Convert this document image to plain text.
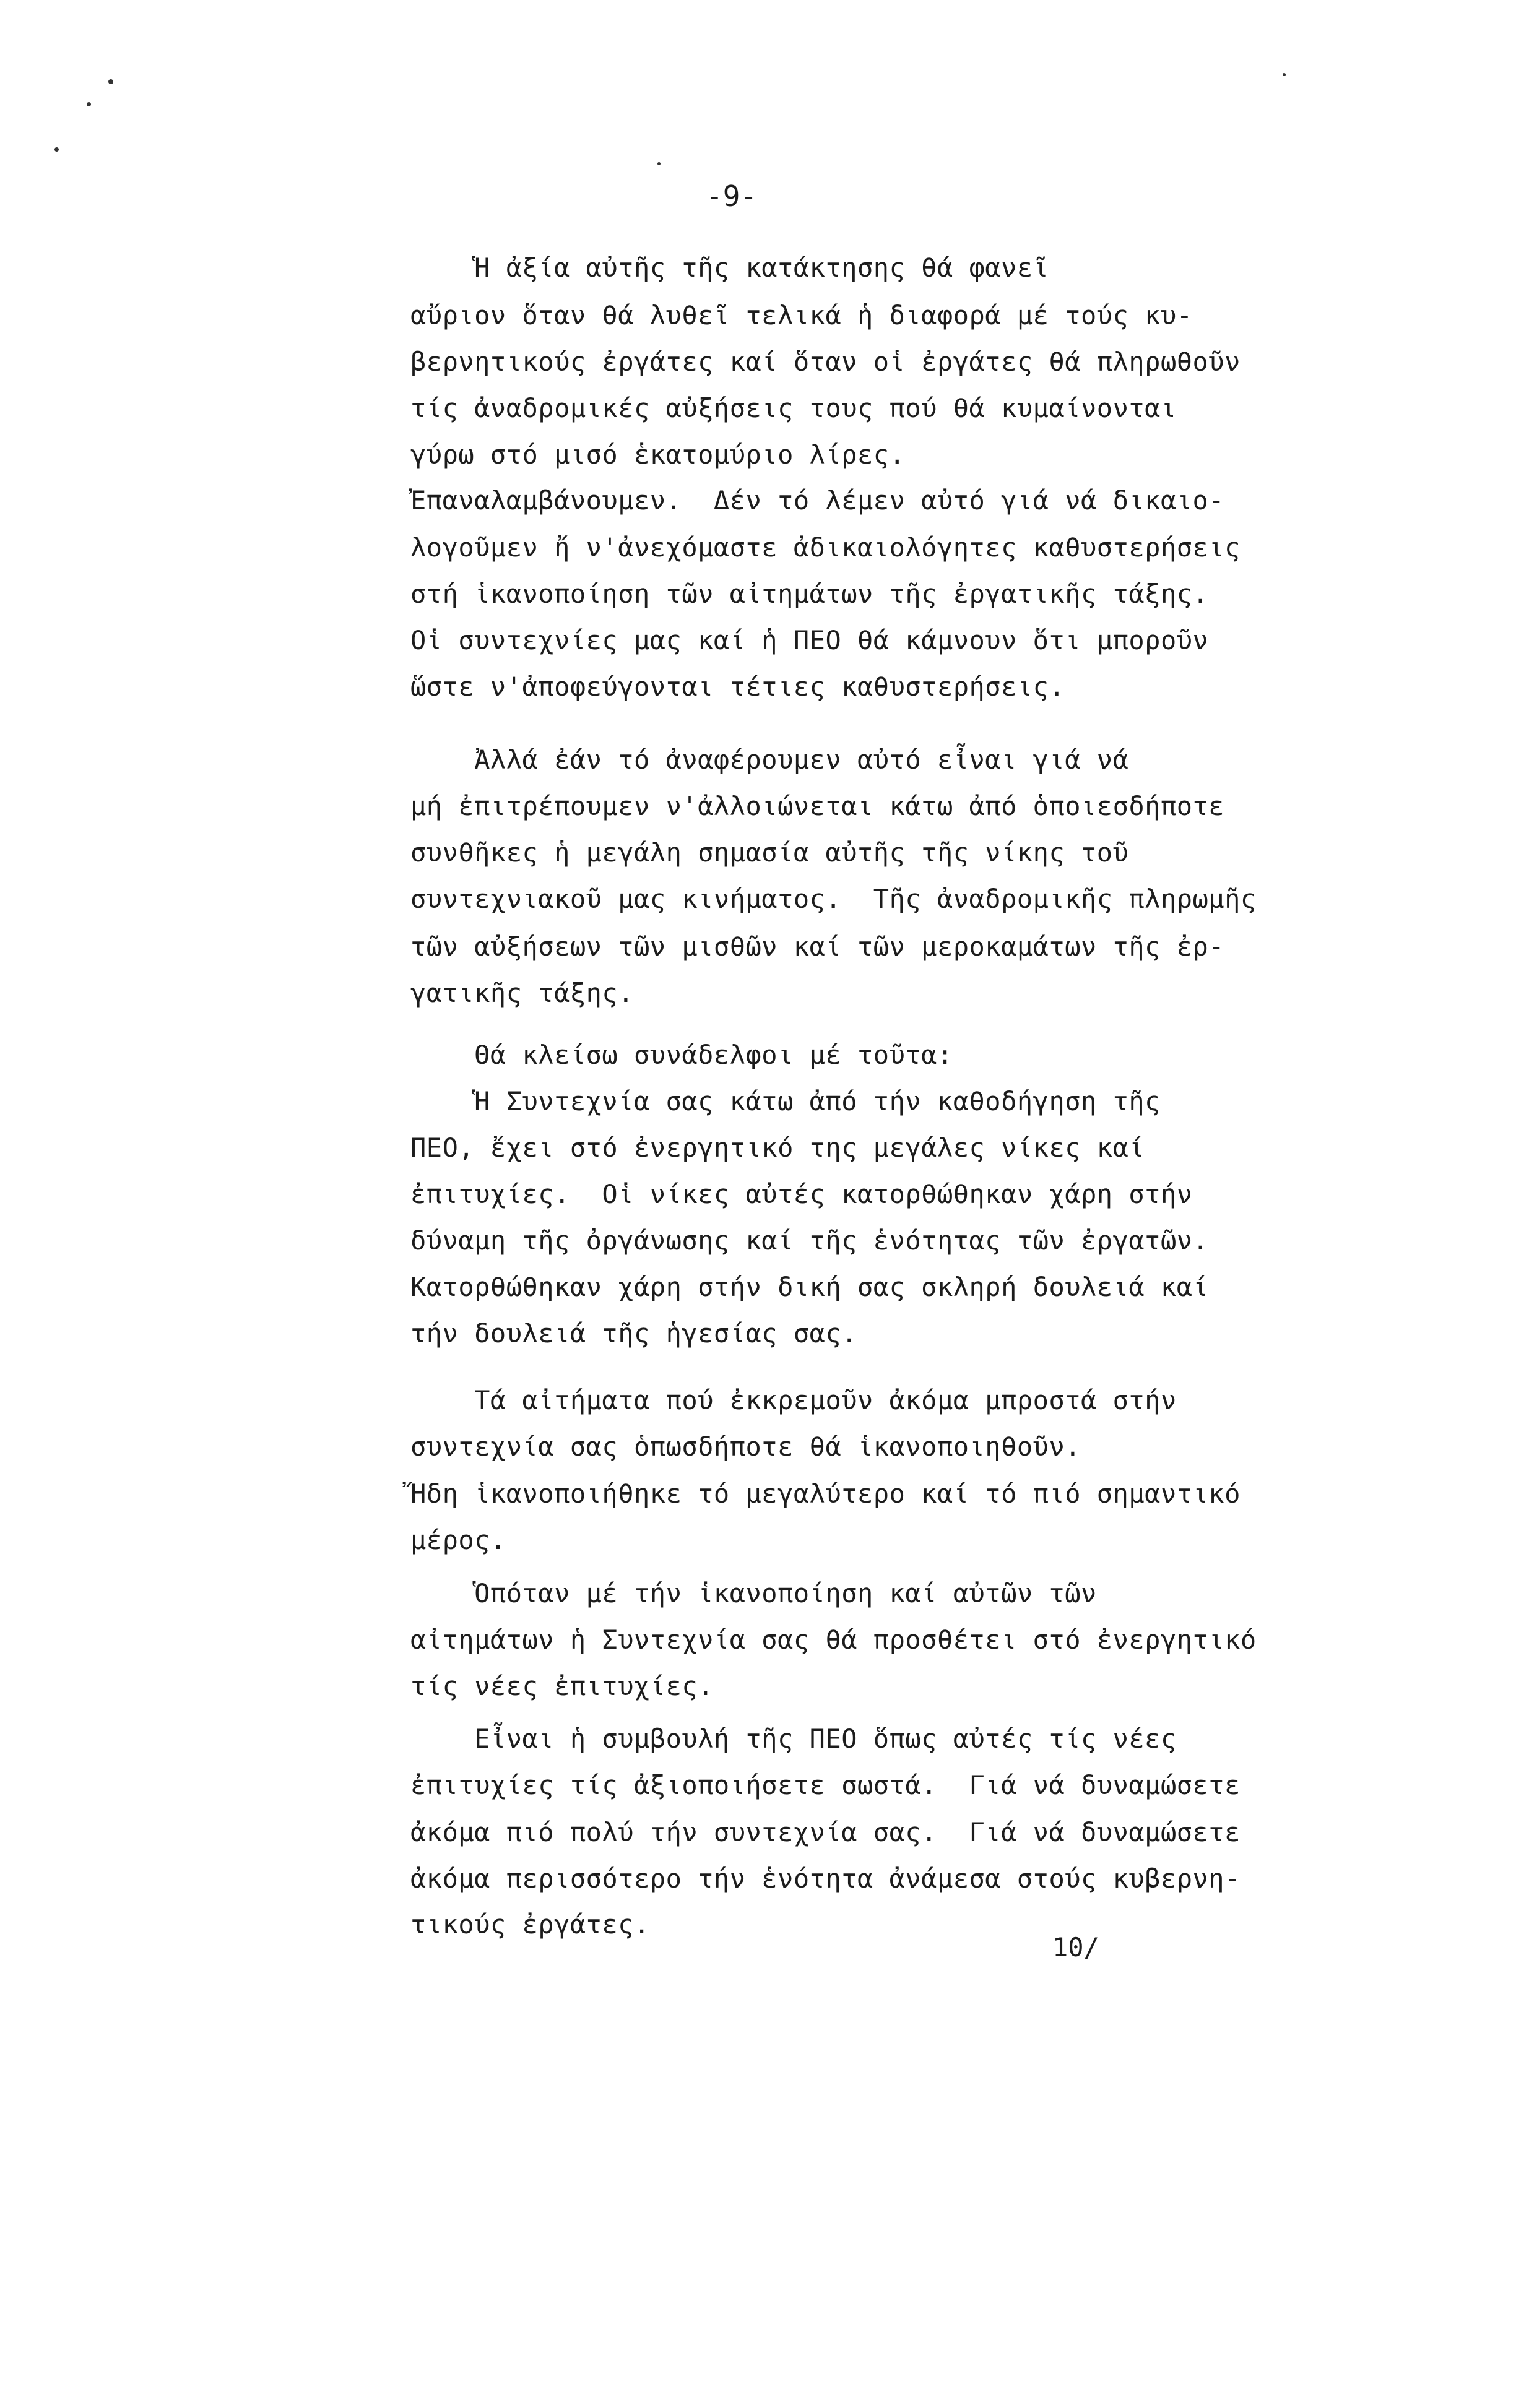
-9-
Ἡ ἀξία αὐτῆς τῆς κατάκτησης θά φανεῖ
αὔριον ὅταν θά λυθεῖ τελικά ἡ διαφορά μέ τούς κυ-
βερνητικούς ἐργάτες καί ὅταν οἱ ἐργάτες θά πληρωθοῦν
τίς ἀναδρομικές αὐξήσεις τους πού θά κυμαίνονται
γύρω στό μισό ἑκατομύριο λίρες.
Ἐπαναλαμβάνουμεν.  Δέν τό λέμεν αὐτό γιά νά δικαιο-
λογοῦμεν ἤ ν'ἀνεχόμαστε ἀδικαιολόγητες καθυστερήσεις
στή ἱκανοποίηση τῶν αἰτημάτων τῆς ἐργατικῆς τάξης.
Οἱ συντεχνίες μας καί ἡ ΠΕΟ θά κάμνουν ὅτι μποροῦν
ὥστε ν'ἀποφεύγονται τέτιες καθυστερήσεις.
Ἀλλά ἐάν τό ἀναφέρουμεν αὐτό εἶναι γιά νά
μή ἐπιτρέπουμεν ν'ἀλλοιώνεται κάτω ἀπό ὁποιεσδήποτε
συνθῆκες ἡ μεγάλη σημασία αὐτῆς τῆς νίκης τοῦ
συντεχνιακοῦ μας κινήματος.  Τῆς ἀναδρομικῆς πληρωμῆς
τῶν αὐξήσεων τῶν μισθῶν καί τῶν μεροκαμάτων τῆς ἐρ-
γατικῆς τάξης.
Θά κλείσω συνάδελφοι μέ τοῦτα:
Ἡ Συντεχνία σας κάτω ἀπό τήν καθοδήγηση τῆς
ΠΕΟ, ἔχει στό ἐνεργητικό της μεγάλες νίκες καί
ἐπιτυχίες.  Οἱ νίκες αὐτές κατορθώθηκαν χάρη στήν
δύναμη τῆς ὀργάνωσης καί τῆς ἑνότητας τῶν ἐργατῶν.
Κατορθώθηκαν χάρη στήν δική σας σκληρή δουλειά καί
τήν δουλειά τῆς ἡγεσίας σας.
Τά αἰτήματα πού ἐκκρεμοῦν ἀκόμα μπροστά στήν
συντεχνία σας ὁπωσδήποτε θά ἱκανοποιηθοῦν.
Ἤδη ἱκανοποιήθηκε τό μεγαλύτερο καί τό πιό σημαντικό
μέρος.
Ὁπόταν μέ τήν ἱκανοποίηση καί αὐτῶν τῶν
αἰτημάτων ἡ Συντεχνία σας θά προσθέτει στό ἐνεργητικό
τίς νέες ἐπιτυχίες.
Εἶναι ἡ συμβουλή τῆς ΠΕΟ ὅπως αὐτές τίς νέες
ἐπιτυχίες τίς ἀξιοποιήσετε σωστά.  Γιά νά δυναμώσετε
ἀκόμα πιό πολύ τήν συντεχνία σας.  Γιά νά δυναμώσετε
ἀκόμα περισσότερο τήν ἑνότητα ἀνάμεσα στούς κυβερνη-
τικούς ἐργάτες.
10/
